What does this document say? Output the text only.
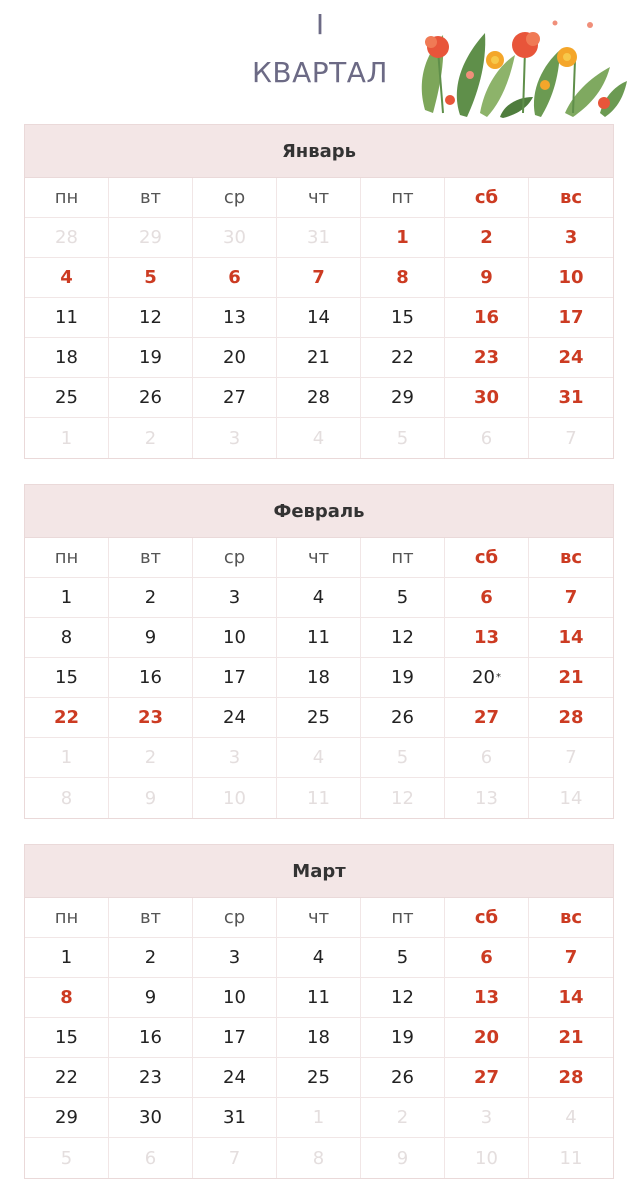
I
КВАРТАЛ
Январь
пн	вт	ср	чт	пт	сб	вс
28	29	30	31	1	2	3
4	5	6	7	8	9	10
11	12	13	14	15	16	17
18	19	20	21	22	23	24
25	26	27	28	29	30	31
1	2	3	4	5	6	7
Февраль
пн	вт	ср	чт	пт	сб	вс
1	2	3	4	5	6	7
8	9	10	11	12	13	14
15	16	17	18	19	20 *	21
22	23	24	25	26	27	28
1	2	3	4	5	6	7
8	9	10	11	12	13	14
Март
пн	вт	ср	чт	пт	сб	вс
1	2	3	4	5	6	7
8	9	10	11	12	13	14
15	16	17	18	19	20	21
22	23	24	25	26	27	28
29	30	31	1	2	3	4
5	6	7	8	9	10	11
